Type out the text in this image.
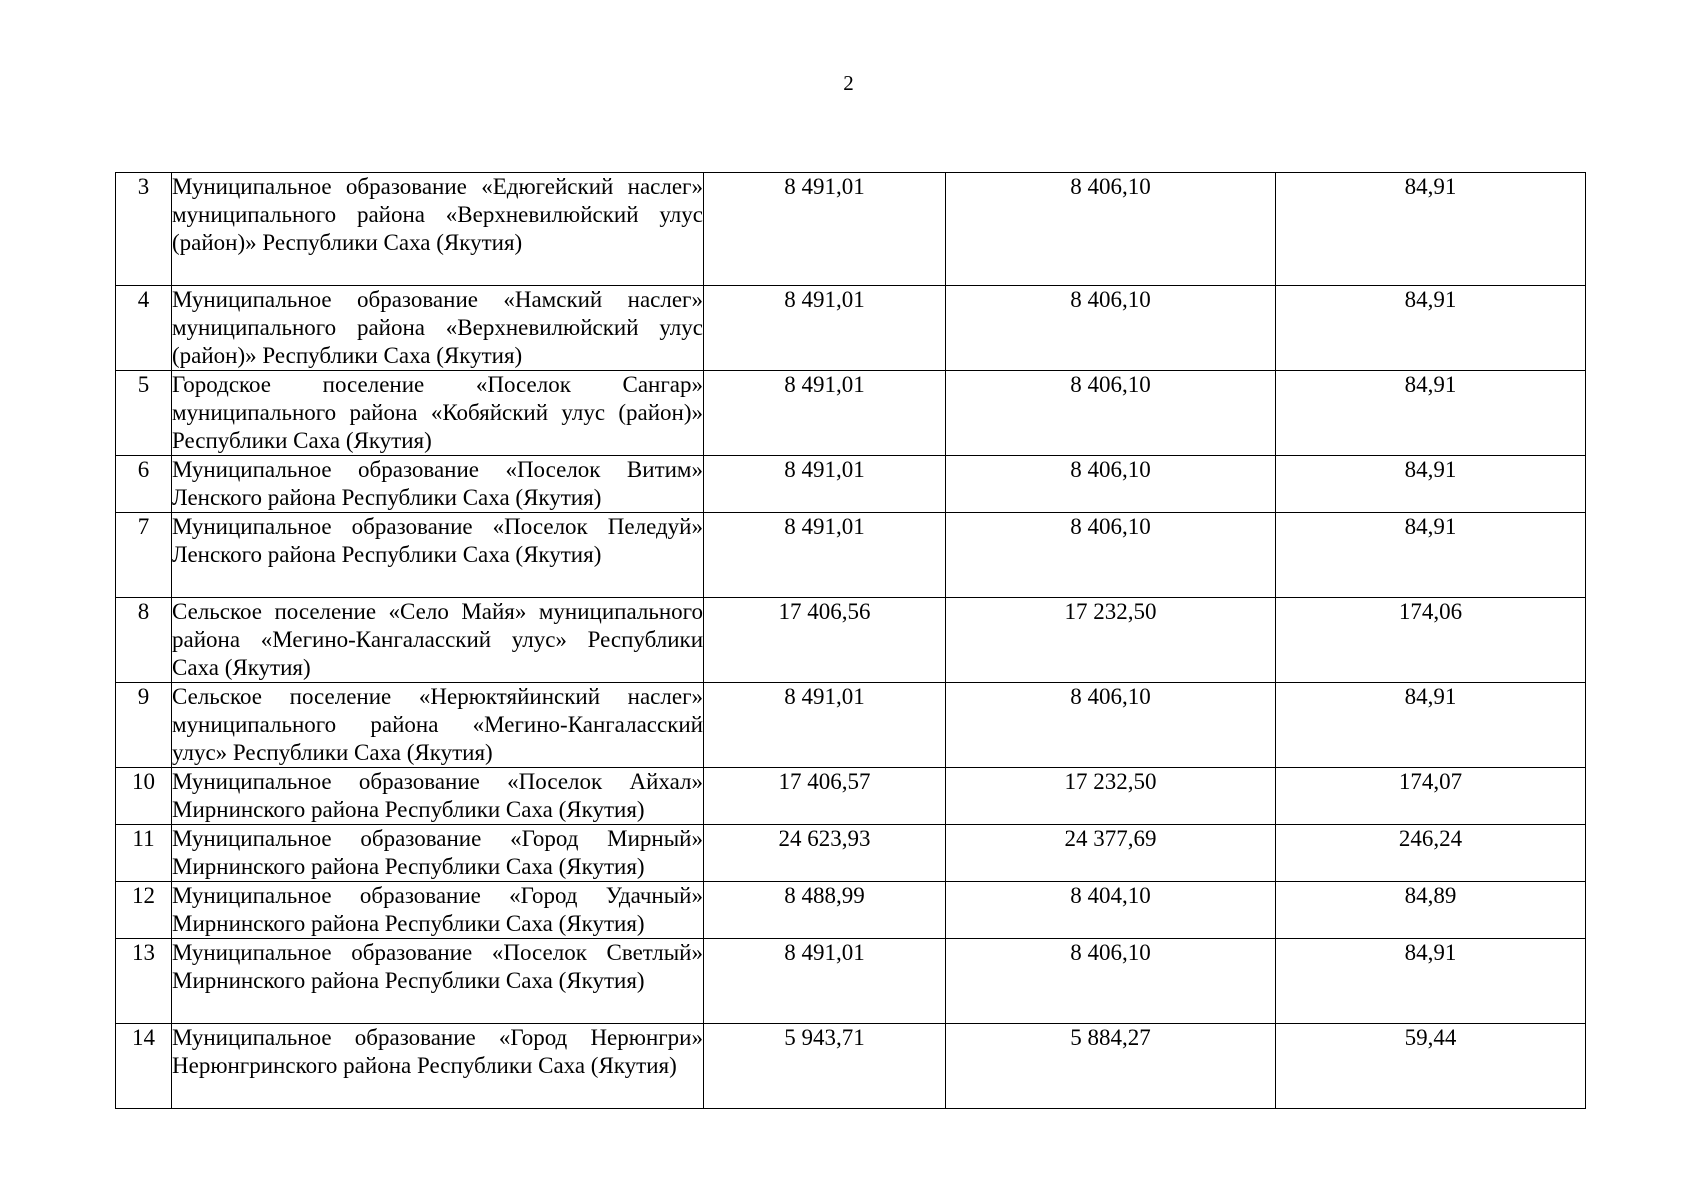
2
3	Муниципальное образование «Едюгейский наслег» муниципального района «Верхневилюйский улус (район)» Республики Саха (Якутия)	8 491,01	8 406,10	84,91
4	Муниципальное образование «Намский наслег» муниципального района «Верхневилюйский улус (район)» Республики Саха (Якутия)	8 491,01	8 406,10	84,91
5	Городское поселение «Поселок Сангар» муниципального района «Кобяйский улус (район)» Республики Саха (Якутия)	8 491,01	8 406,10	84,91
6	Муниципальное образование «Поселок Витим» Ленского района Республики Саха (Якутия)	8 491,01	8 406,10	84,91
7	Муниципальное образование «Поселок Пеледуй» Ленского района Республики Саха (Якутия)	8 491,01	8 406,10	84,91
8	Сельское поселение «Село Майя» муниципального района «Мегино-Кангаласский улус» Республики Саха (Якутия)	17 406,56	17 232,50	174,06
9	Сельское поселение «Нерюктяйинский наслег» муниципального района «Мегино-Кангаласский улус» Республики Саха (Якутия)	8 491,01	8 406,10	84,91
10	Муниципальное образование «Поселок Айхал» Мирнинского района Республики Саха (Якутия)	17 406,57	17 232,50	174,07
11	Муниципальное образование «Город Мирный» Мирнинского района Республики Саха (Якутия)	24 623,93	24 377,69	246,24
12	Муниципальное образование «Город Удачный» Мирнинского района Республики Саха (Якутия)	8 488,99	8 404,10	84,89
13	Муниципальное образование «Поселок Светлый» Мирнинского района Республики Саха (Якутия)	8 491,01	8 406,10	84,91
14	Муниципальное образование «Город Нерюнгри» Нерюнгринского района Республики Саха (Якутия)	5 943,71	5 884,27	59,44
